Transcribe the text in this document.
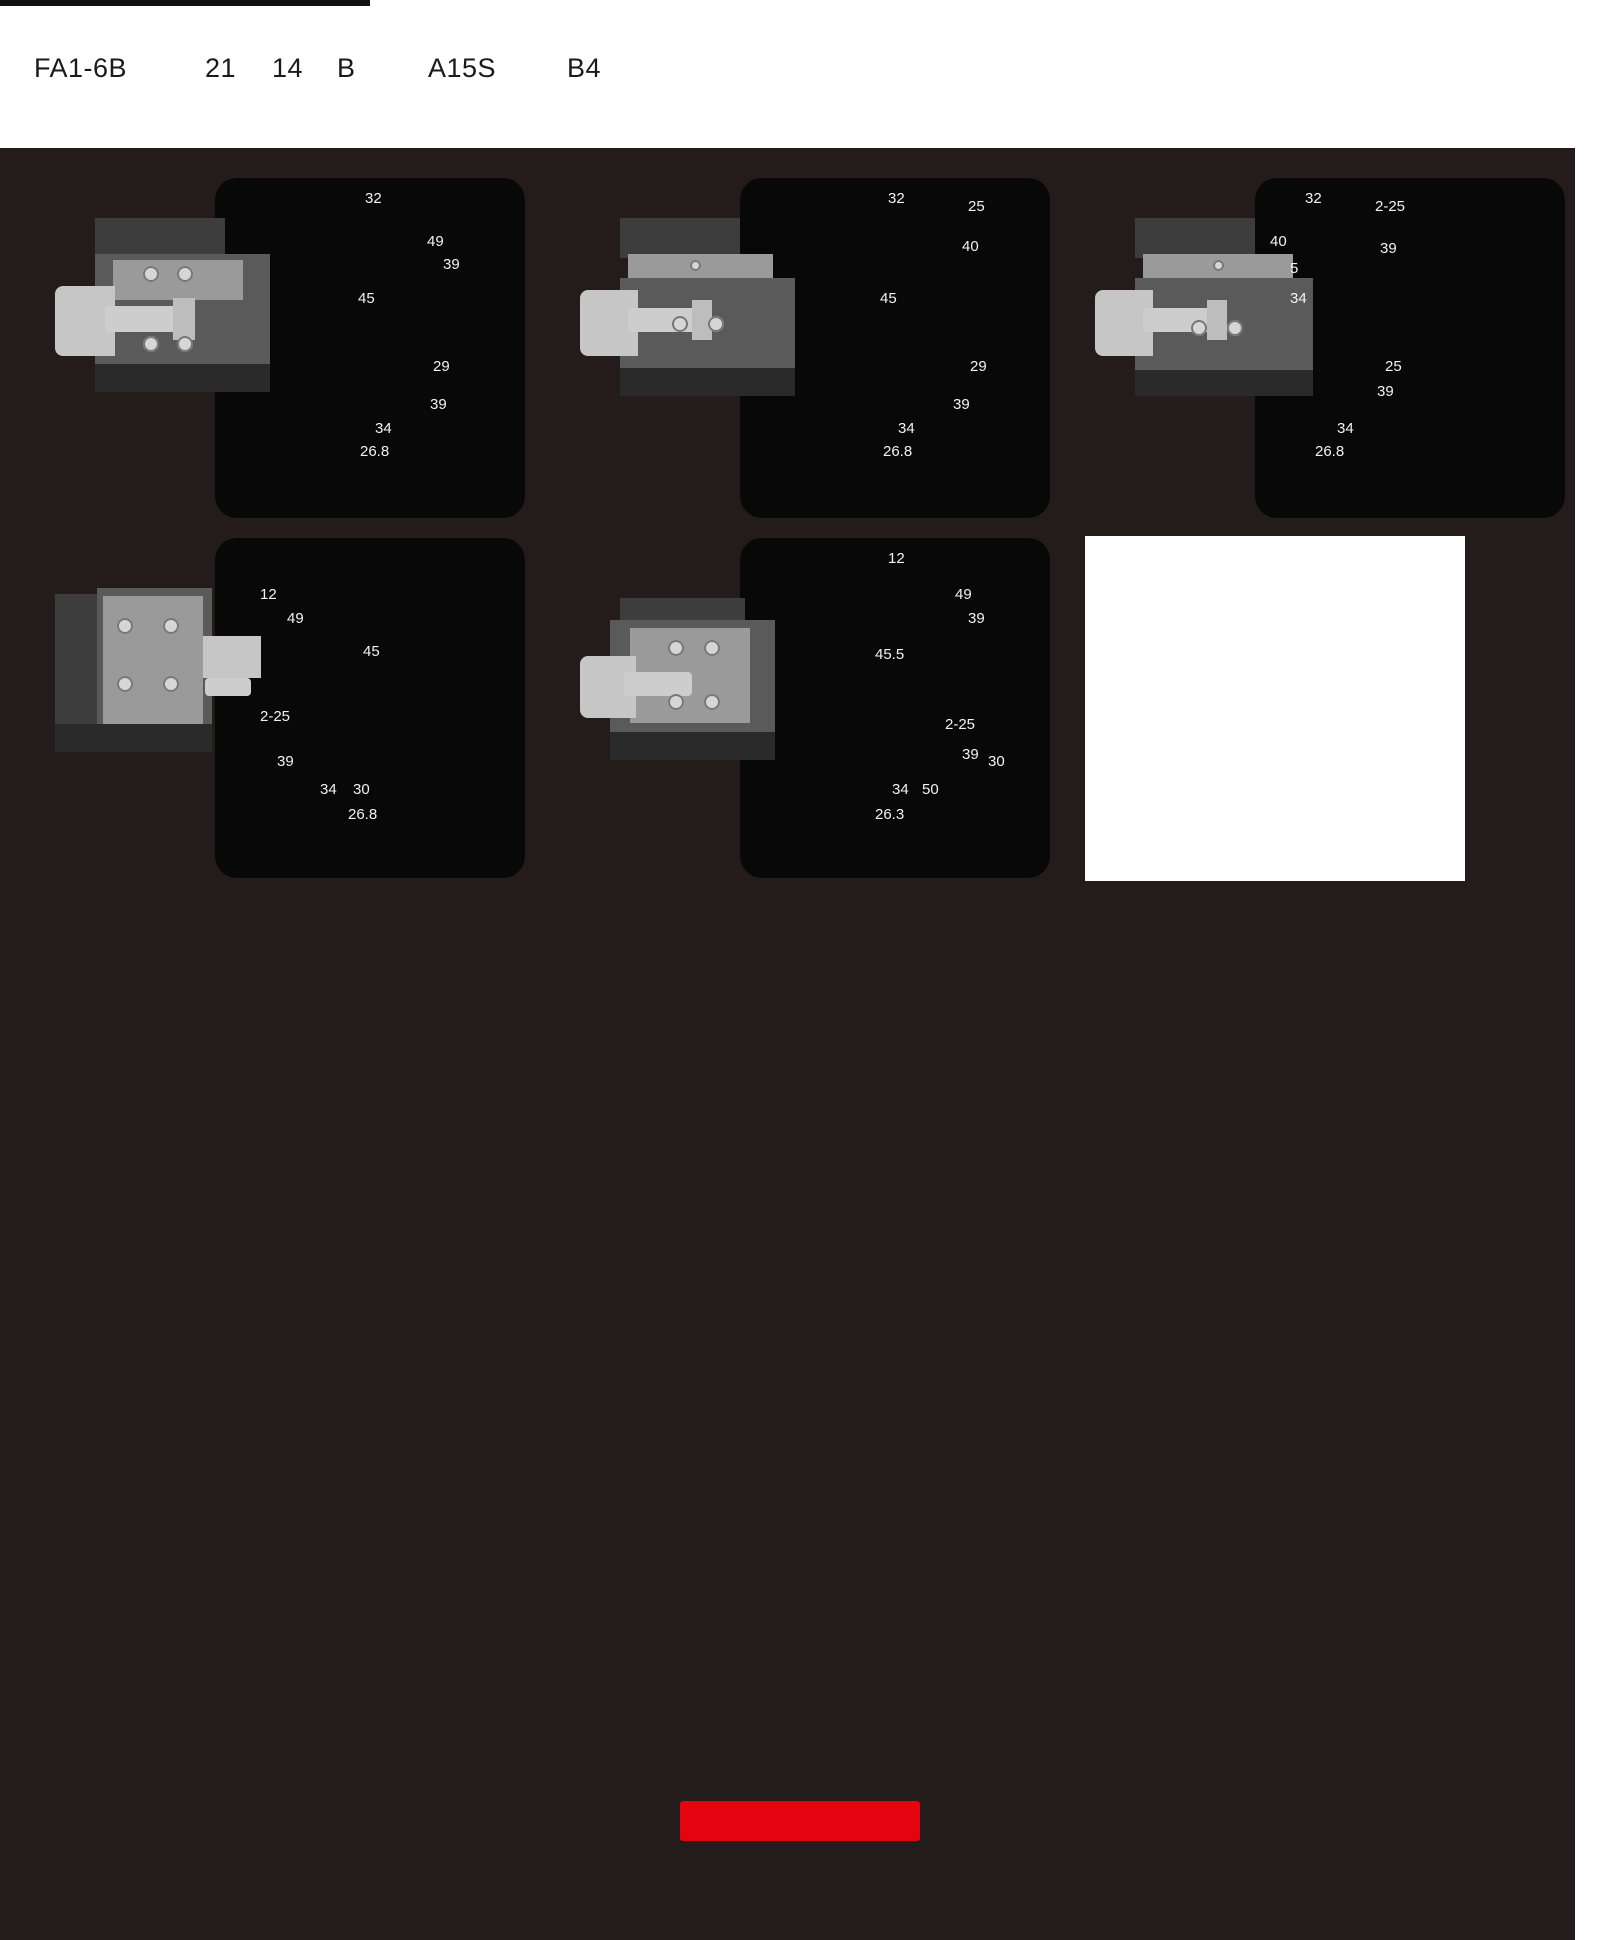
FA1-6B	21 14 B	A15S	B4
32
49
39
45
29
39
34
26.8
32	25
40
45
29
39
34
26.8
32	2-25
40	39
5
34
25
39
34
26.8
12
49
45
2-25
39
34 30
26.8
12
49
39
45.5
2-25
39 30
34 50
26.3
